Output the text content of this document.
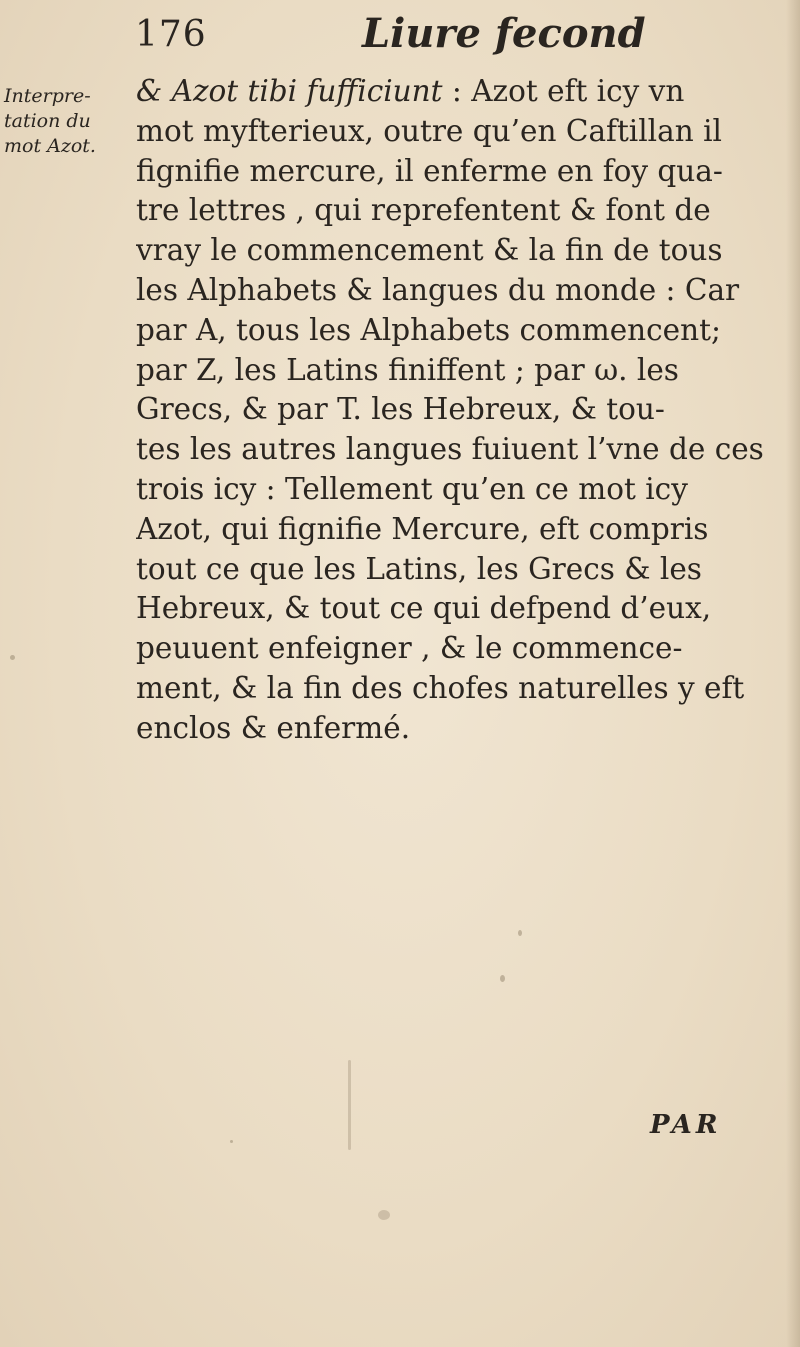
176	Liure fecond
Interpre-
tation du
mot Azot.
& Azot tibi fufficiunt : Azot eft icy vn
mot myfterieux, outre qu’en Caftillan il
fignifie mercure, il enferme en foy qua-
tre lettres , qui reprefentent & font de
vray le commencement & la fin de tous
les Alphabets & langues du monde : Car
par A, tous les Alphabets commencent;
par Z, les Latins finiffent ; par ω. les
Grecs, & par T. les Hebreux, & tou-
tes les autres langues fuiuent l’vne de ces
trois icy : Tellement qu’en ce mot icy
Azot, qui fignifie Mercure, eft compris
tout ce que les Latins, les Grecs & les
Hebreux, & tout ce qui defpend d’eux,
peuuent enfeigner , & le commence-
ment, & la fin des chofes naturelles y eft
enclos & enfermé.
PAR
